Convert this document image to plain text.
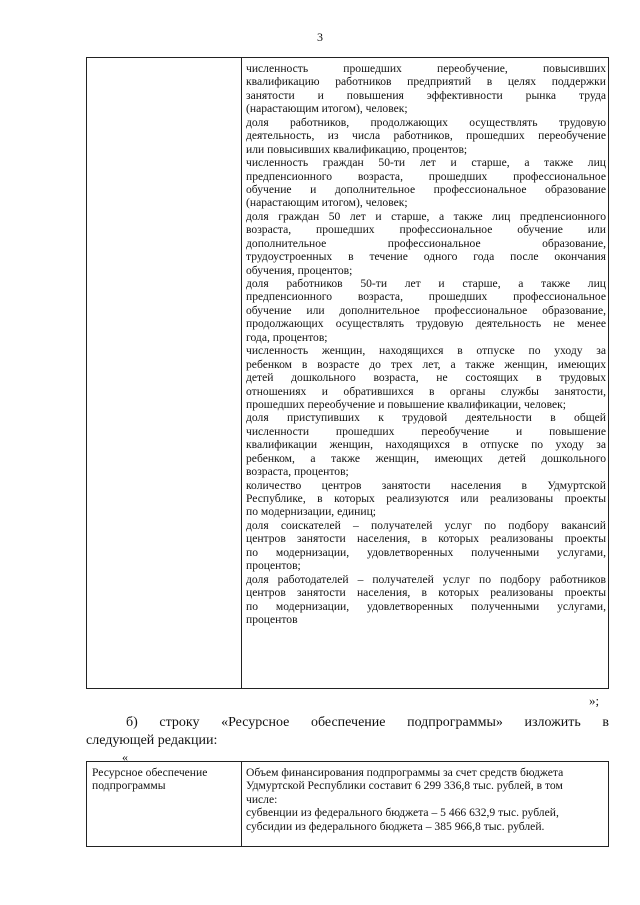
3
численность прошедших переобучение, повысивших
квалификацию работников предприятий в целях поддержки
занятости и повышения эффективности рынка труда
(нарастающим итогом), человек;
доля работников, продолжающих осуществлять трудовую
деятельность, из числа работников, прошедших переобучение
или повысивших квалификацию, процентов;
численность граждан 50-ти лет и старше, а также лиц
предпенсионного возраста, прошедших профессиональное
обучение и дополнительное профессиональное образование
(нарастающим итогом), человек;
доля граждан 50 лет и старше, а также лиц предпенсионного
возраста, прошедших профессиональное обучение или
дополнительное профессиональное образование,
трудоустроенных в течение одного года после окончания
обучения, процентов;
доля работников 50-ти лет и старше, а также лиц
предпенсионного возраста, прошедших профессиональное
обучение или дополнительное профессиональное образование,
продолжающих осуществлять трудовую деятельность не менее
года, процентов;
численность женщин, находящихся в отпуске по уходу за
ребенком в возрасте до трех лет, а также женщин, имеющих
детей дошкольного возраста, не состоящих в трудовых
отношениях и обратившихся в органы службы занятости,
прошедших переобучение и повышение квалификации, человек;
доля приступивших к трудовой деятельности в общей
численности прошедших переобучение и повышение
квалификации женщин, находящихся в отпуске по уходу за
ребенком, а также женщин, имеющих детей дошкольного
возраста, процентов;
количество центров занятости населения в Удмуртской
Республике, в которых реализуются или реализованы проекты
по модернизации, единиц;
доля соискателей – получателей услуг по подбору вакансий
центров занятости населения, в которых реализованы проекты
по модернизации, удовлетворенных полученными услугами,
процентов;
доля работодателей – получателей услуг по подбору работников
центров занятости населения, в которых реализованы проекты
по модернизации, удовлетворенных полученными услугами,
процентов
»;
б) строку «Ресурсное обеспечение подпрограммы» изложить в
следующей редакции:
«
Ресурсное обеспечение
подпрограммы
Объем финансирования подпрограммы за счет средств бюджета
Удмуртской Республики составит 6 299 336,8 тыс. рублей, в том
числе:
субвенции из федерального бюджета – 5 466 632,9 тыс. рублей,
субсидии из федерального бюджета – 385 966,8 тыс. рублей.
